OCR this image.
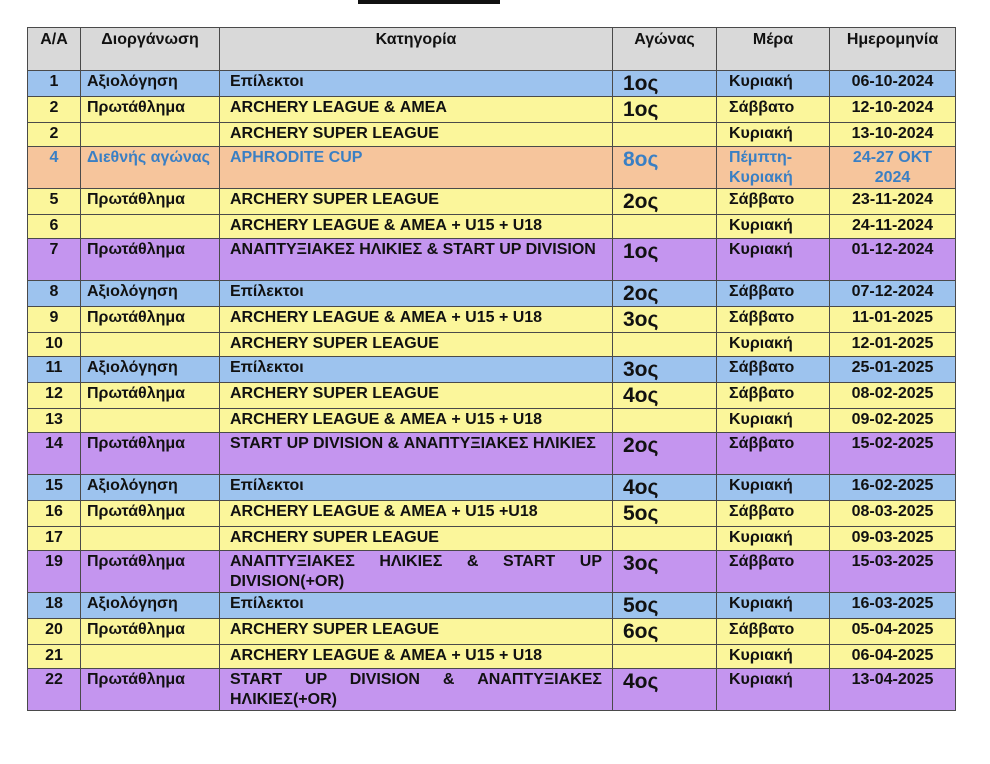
Α/Α	Διοργάνωση	Κατηγορία	Αγώνας	Μέρα	Ημερομηνία
1	Αξιολόγηση	Επίλεκτοι	1ος	Κυριακή	06-10-2024
2	Πρωτάθλημα	ARCHERY LEAGUE & ΑΜΕΑ	1ος	Σάββατο	12-10-2024
2		ARCHERY SUPER LEAGUE		Κυριακή	13-10-2024
4	Διεθνής αγώνας	APHRODITE CUP	8ος	Πέμπτη-Κυριακή	24-27 ΟΚΤ 2024
5	Πρωτάθλημα	ARCHERY SUPER LEAGUE	2ος	Σάββατο	23-11-2024
6		ARCHERY LEAGUE & ΑΜΕΑ + U15 + U18		Κυριακή	24-11-2024
7	Πρωτάθλημα	ΑΝΑΠΤΥΞΙΑΚΕΣ ΗΛΙΚΙΕΣ & START UP DIVISION	1ος	Κυριακή	01-12-2024
8	Αξιολόγηση	Επίλεκτοι	2ος	Σάββατο	07-12-2024
9	Πρωτάθλημα	ARCHERY LEAGUE & ΑΜΕΑ + U15 + U18	3ος	Σάββατο	11-01-2025
10		ARCHERY SUPER LEAGUE		Κυριακή	12-01-2025
11	Αξιολόγηση	Επίλεκτοι	3ος	Σάββατο	25-01-2025
12	Πρωτάθλημα	ARCHERY SUPER LEAGUE	4ος	Σάββατο	08-02-2025
13		ARCHERY LEAGUE & ΑΜΕΑ + U15 + U18		Κυριακή	09-02-2025
14	Πρωτάθλημα	START UP DIVISION & ΑΝΑΠΤΥΞΙΑΚΕΣ ΗΛΙΚΙΕΣ	2ος	Σάββατο	15-02-2025
15	Αξιολόγηση	Επίλεκτοι	4ος	Κυριακή	16-02-2025
16	Πρωτάθλημα	ARCHERY LEAGUE & ΑΜΕΑ + U15 +U18	5ος	Σάββατο	08-03-2025
17		ARCHERY SUPER LEAGUE		Κυριακή	09-03-2025
19	Πρωτάθλημα	ΑΝΑΠΤΥΞΙΑΚΕΣ ΗΛΙΚΙΕΣ & START UP DIVISION(+OR)	3ος	Σάββατο	15-03-2025
18	Αξιολόγηση	Επίλεκτοι	5ος	Κυριακή	16-03-2025
20	Πρωτάθλημα	ARCHERY SUPER LEAGUE	6ος	Σάββατο	05-04-2025
21		ARCHERY LEAGUE & ΑΜΕΑ + U15 + U18		Κυριακή	06-04-2025
22	Πρωτάθλημα	START UP DIVISION & ΑΝΑΠΤΥΞΙΑΚΕΣ ΗΛΙΚΙΕΣ(+OR)	4ος	Κυριακή	13-04-2025
